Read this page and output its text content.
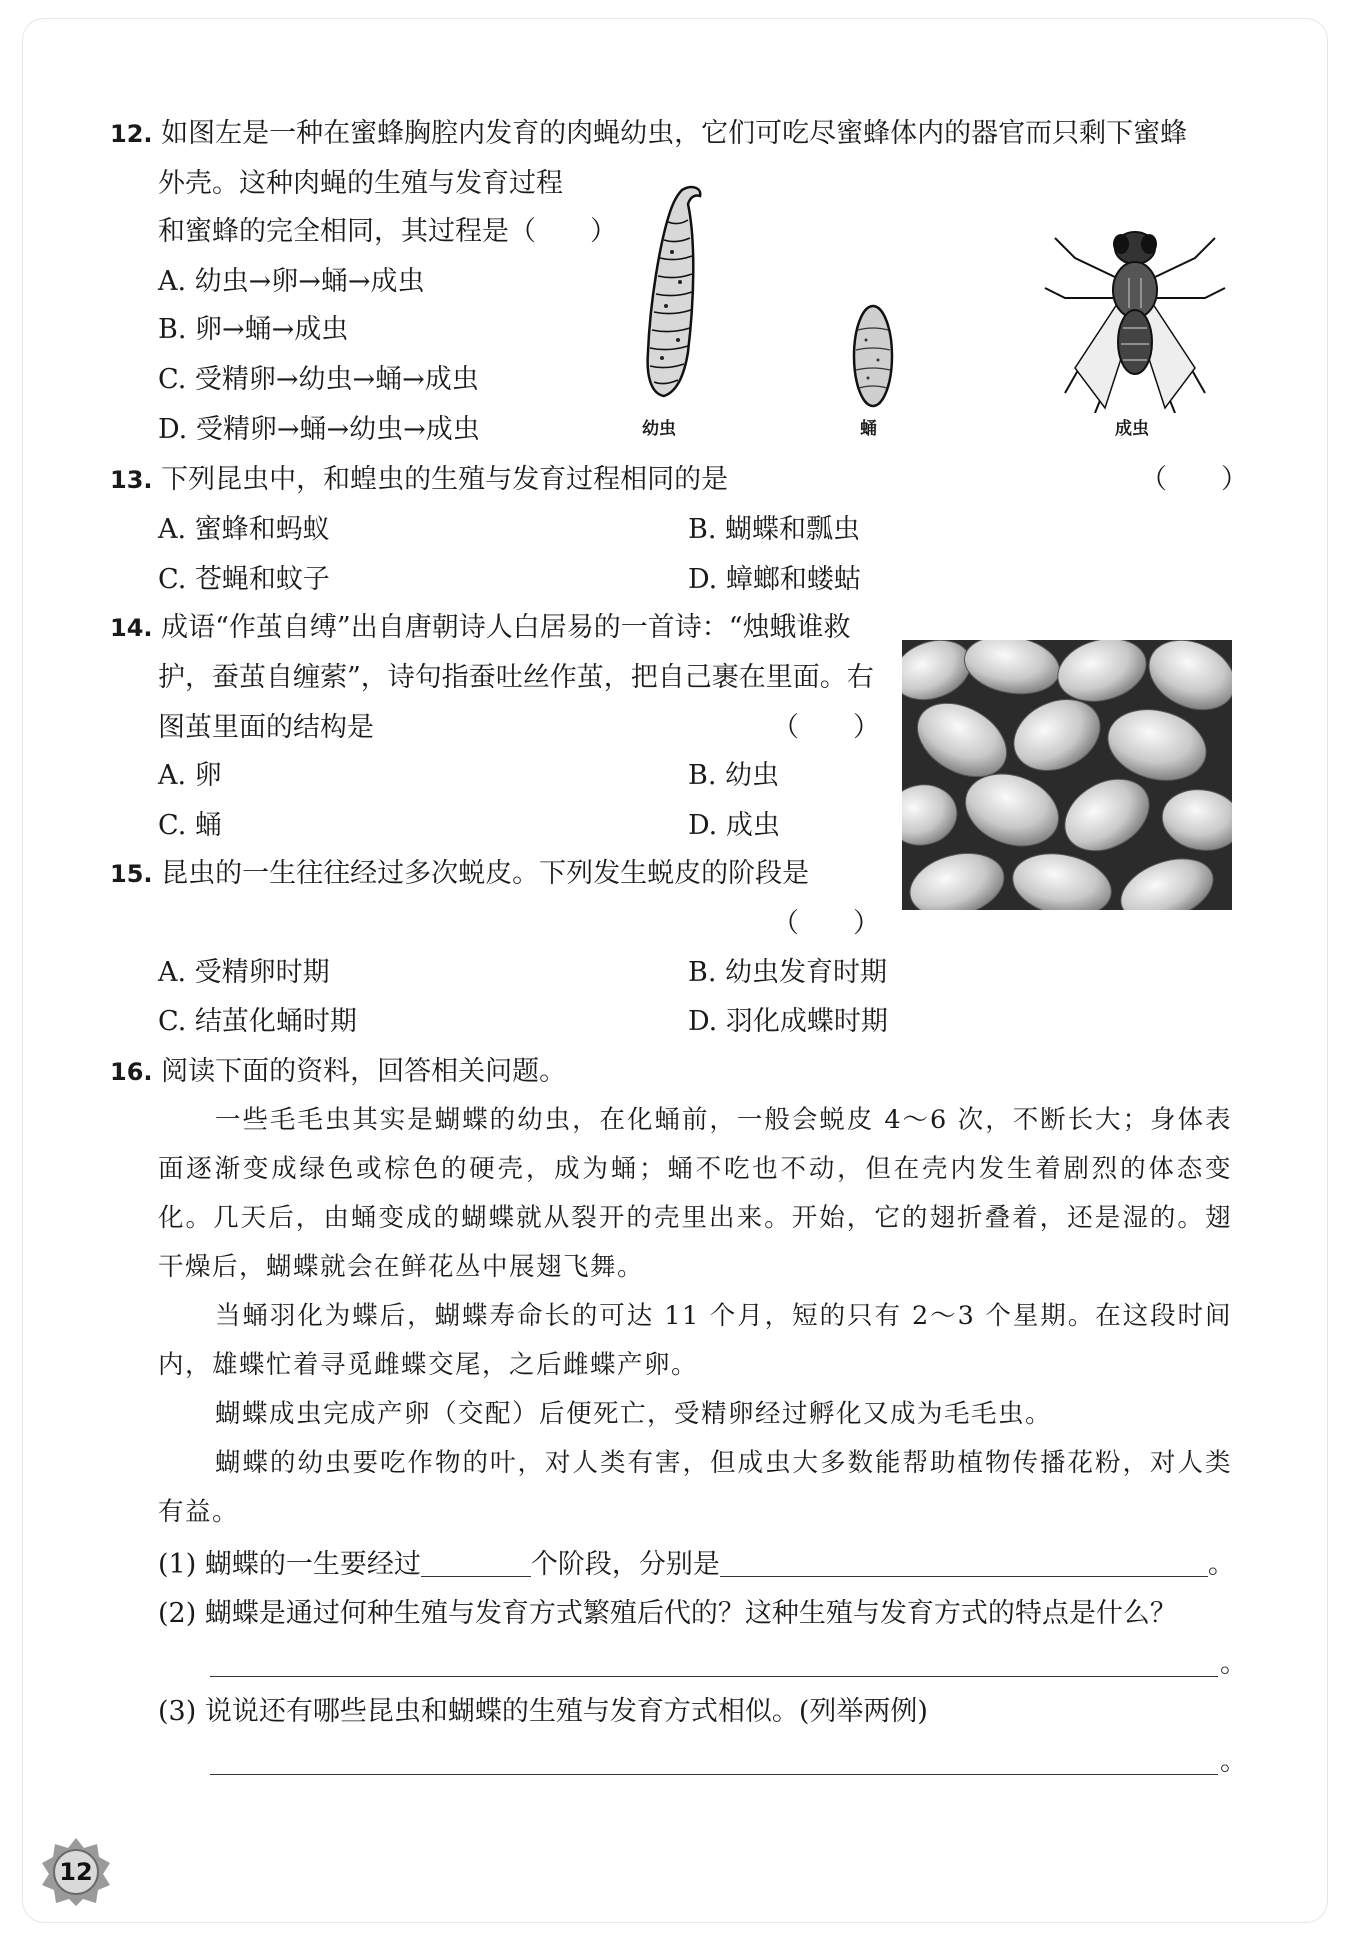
12. 如图左是一种在蜜蜂胸腔内发育的肉蝇幼虫，它们可吃尽蜜蜂体内的器官而只剩下蜜蜂
外壳。这种肉蝇的生殖与发育过程
和蜜蜂的完全相同，其过程是（　　）
A. 幼虫→卵→蛹→成虫
B. 卵→蛹→成虫
C. 受精卵→幼虫→蛹→成虫
D. 受精卵→蛹→幼虫→成虫	幼虫	蛹	成虫
13. 下列昆虫中，和蝗虫的生殖与发育过程相同的是	（　　）
A. 蜜蜂和蚂蚁	B. 蝴蝶和瓢虫
C. 苍蝇和蚊子	D. 蟑螂和蝼蛄
14. 成语“作茧自缚”出自唐朝诗人白居易的一首诗：“烛蛾谁救
护，蚕茧自缠萦”，诗句指蚕吐丝作茧，把自己裹在里面。右
图茧里面的结构是	（　　）
A. 卵	B. 幼虫
C. 蛹	D. 成虫
15. 昆虫的一生往往经过多次蜕皮。下列发生蜕皮的阶段是
（　　）
A. 受精卵时期	B. 幼虫发育时期
C. 结茧化蛹时期	D. 羽化成蝶时期
16. 阅读下面的资料，回答相关问题。

一些毛毛虫其实是蝴蝶的幼虫，在化蛹前，一般会蜕皮 4～6 次，不断长大；身体表面逐渐变成绿色或棕色的硬壳，成为蛹；蛹不吃也不动，但在壳内发生着剧烈的体态变化。几天后，由蛹变成的蝴蝶就从裂开的壳里出来。开始，它的翅折叠着，还是湿的。翅干燥后，蝴蝶就会在鲜花丛中展翅飞舞。

当蛹羽化为蝶后，蝴蝶寿命长的可达 11 个月，短的只有 2～3 个星期。在这段时间内，雄蝶忙着寻觅雌蝶交尾，之后雌蝶产卵。

蝴蝶成虫完成产卵（交配）后便死亡，受精卵经过孵化又成为毛毛虫。

蝴蝶的幼虫要吃作物的叶，对人类有害，但成虫大多数能帮助植物传播花粉，对人类有益。

(1) 蝴蝶的一生要经过	个阶段，分别是	。
(2) 蝴蝶是通过何种生殖与发育方式繁殖后代的？这种生殖与发育方式的特点是什么？
。
(3) 说说还有哪些昆虫和蝴蝶的生殖与发育方式相似。(列举两例)
。
12
